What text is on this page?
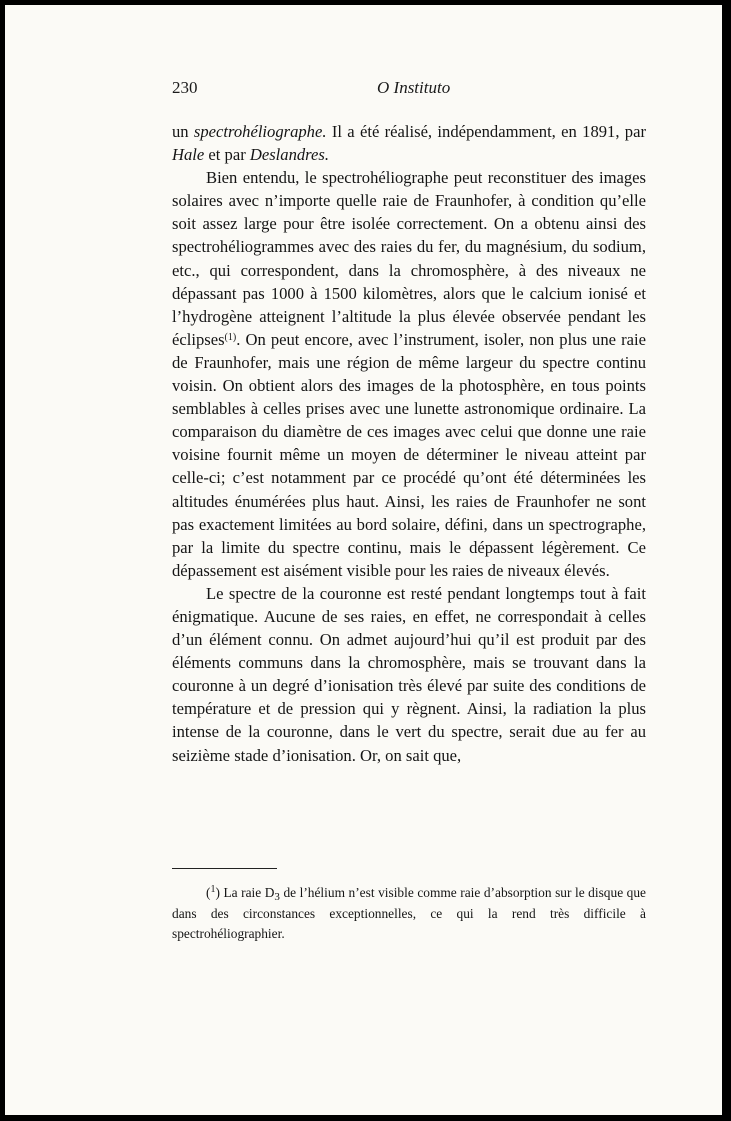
230	O Instituto

un spectrohéliographe. Il a été réalisé, indépendamment, en 1891, par Hale et par Deslandres.

Bien entendu, le spectrohéliographe peut reconstituer des images solaires avec n’importe quelle raie de Fraunhofer, à condition qu’elle soit assez large pour être isolée correctement. On a obtenu ainsi des spectrohéliogrammes avec des raies du fer, du magnésium, du sodium, etc., qui correspondent, dans la chromosphère, à des niveaux ne dépassant pas 1000 à 1500 kilomètres, alors que le calcium ionisé et l’hydrogène atteignent l’altitude la plus élevée observée pendant les éclipses$^{(1)}$. On peut encore, avec l’instrument, isoler, non plus une raie de Fraunhofer, mais une région de même largeur du spectre continu voisin. On obtient alors des images de la photosphère, en tous points semblables à celles prises avec une lunette astronomique ordinaire. La comparaison du diamètre de ces images avec celui que donne une raie voisine fournit même un moyen de déterminer le niveau atteint par celle-ci; c’est notamment par ce procédé qu’ont été déterminées les altitudes énumérées plus haut. Ainsi, les raies de Fraunhofer ne sont pas exactement limitées au bord solaire, défini, dans un spectrographe, par la limite du spectre continu, mais le dépassent légèrement. Ce dépassement est aisément visible pour les raies de niveaux élevés.

Le spectre de la couronne est resté pendant longtemps tout à fait énigmatique. Aucune de ses raies, en effet, ne correspondait à celles d’un élément connu. On admet aujourd’hui qu’il est produit par des éléments communs dans la chromosphère, mais se trouvant dans la couronne à un degré d’ionisation très élevé par suite des conditions de température et de pression qui y règnent. Ainsi, la radiation la plus intense de la couronne, dans le vert du spectre, serait due au fer au seizième stade d’ionisation. Or, on sait que,

($^1$) La raie $D_3$ de l’hélium n’est visible comme raie d’absorption sur le disque que dans des circonstances exceptionnelles, ce qui la rend très difficile à spectrohéliographier.
